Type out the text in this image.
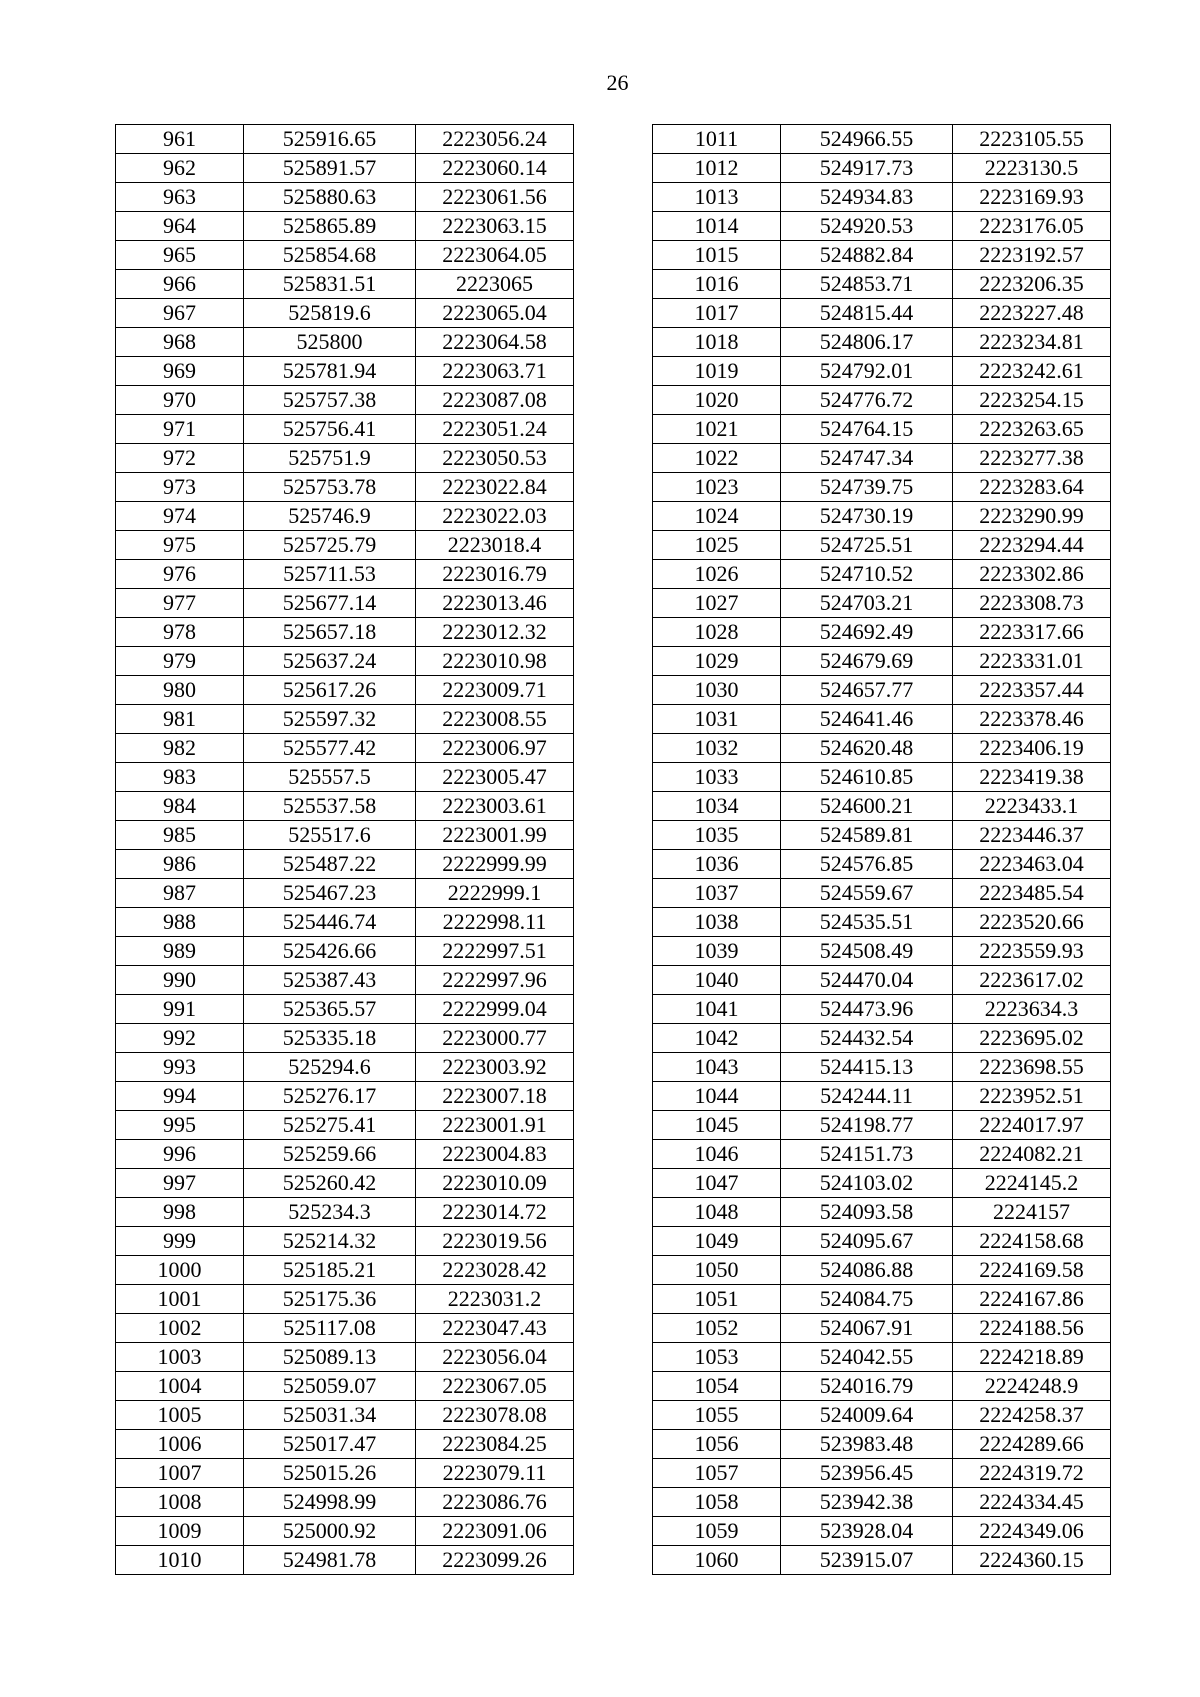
26
961	525916.65	2223056.24
962	525891.57	2223060.14
963	525880.63	2223061.56
964	525865.89	2223063.15
965	525854.68	2223064.05
966	525831.51	2223065
967	525819.6	2223065.04
968	525800	2223064.58
969	525781.94	2223063.71
970	525757.38	2223087.08
971	525756.41	2223051.24
972	525751.9	2223050.53
973	525753.78	2223022.84
974	525746.9	2223022.03
975	525725.79	2223018.4
976	525711.53	2223016.79
977	525677.14	2223013.46
978	525657.18	2223012.32
979	525637.24	2223010.98
980	525617.26	2223009.71
981	525597.32	2223008.55
982	525577.42	2223006.97
983	525557.5	2223005.47
984	525537.58	2223003.61
985	525517.6	2223001.99
986	525487.22	2222999.99
987	525467.23	2222999.1
988	525446.74	2222998.11
989	525426.66	2222997.51
990	525387.43	2222997.96
991	525365.57	2222999.04
992	525335.18	2223000.77
993	525294.6	2223003.92
994	525276.17	2223007.18
995	525275.41	2223001.91
996	525259.66	2223004.83
997	525260.42	2223010.09
998	525234.3	2223014.72
999	525214.32	2223019.56
1000	525185.21	2223028.42
1001	525175.36	2223031.2
1002	525117.08	2223047.43
1003	525089.13	2223056.04
1004	525059.07	2223067.05
1005	525031.34	2223078.08
1006	525017.47	2223084.25
1007	525015.26	2223079.11
1008	524998.99	2223086.76
1009	525000.92	2223091.06
1010	524981.78	2223099.26
1011	524966.55	2223105.55
1012	524917.73	2223130.5
1013	524934.83	2223169.93
1014	524920.53	2223176.05
1015	524882.84	2223192.57
1016	524853.71	2223206.35
1017	524815.44	2223227.48
1018	524806.17	2223234.81
1019	524792.01	2223242.61
1020	524776.72	2223254.15
1021	524764.15	2223263.65
1022	524747.34	2223277.38
1023	524739.75	2223283.64
1024	524730.19	2223290.99
1025	524725.51	2223294.44
1026	524710.52	2223302.86
1027	524703.21	2223308.73
1028	524692.49	2223317.66
1029	524679.69	2223331.01
1030	524657.77	2223357.44
1031	524641.46	2223378.46
1032	524620.48	2223406.19
1033	524610.85	2223419.38
1034	524600.21	2223433.1
1035	524589.81	2223446.37
1036	524576.85	2223463.04
1037	524559.67	2223485.54
1038	524535.51	2223520.66
1039	524508.49	2223559.93
1040	524470.04	2223617.02
1041	524473.96	2223634.3
1042	524432.54	2223695.02
1043	524415.13	2223698.55
1044	524244.11	2223952.51
1045	524198.77	2224017.97
1046	524151.73	2224082.21
1047	524103.02	2224145.2
1048	524093.58	2224157
1049	524095.67	2224158.68
1050	524086.88	2224169.58
1051	524084.75	2224167.86
1052	524067.91	2224188.56
1053	524042.55	2224218.89
1054	524016.79	2224248.9
1055	524009.64	2224258.37
1056	523983.48	2224289.66
1057	523956.45	2224319.72
1058	523942.38	2224334.45
1059	523928.04	2224349.06
1060	523915.07	2224360.15
